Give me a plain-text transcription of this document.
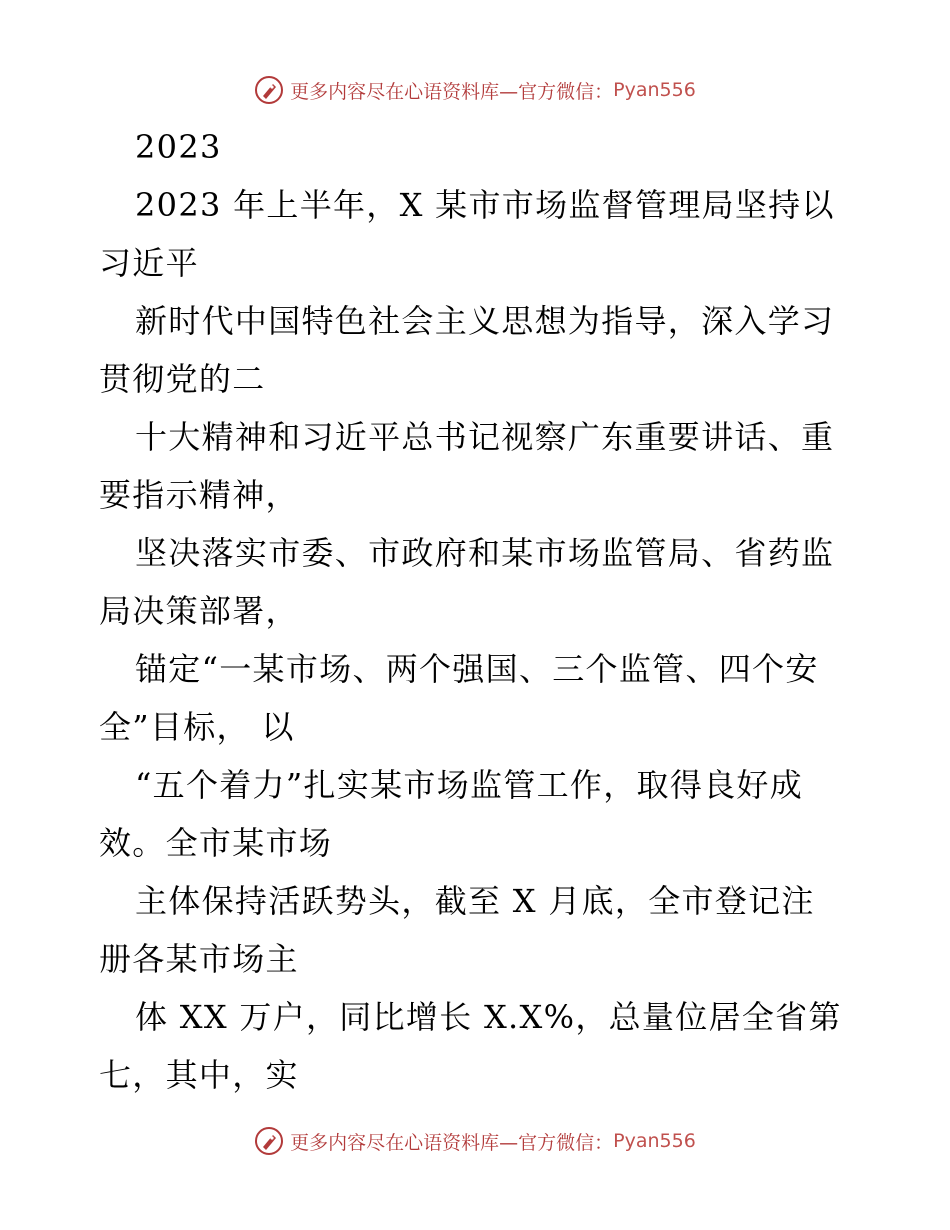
更多内容尽在心语资料库—官方微信： Pyan556
2023
2023 年上半年，X 某市市场监督管理局坚持以
习近平
新时代中国特色社会主义思想为指导，深入学习
贯彻党的二
十大精神和习近平总书记视察广东重要讲话、重
要指示精神，
坚决落实市委、市政府和某市场监管局、省药监
局决策部署，
锚定“一某市场、两个强国、三个监管、四个安
全”目标， 以
“五个着力”扎实某市场监管工作，取得良好成
效。全市某市场
主体保持活跃势头，截至 X 月底，全市登记注
册各某市场主
体 XX 万户，同比增长 X.X%，总量位居全省第
七，其中，实
更多内容尽在心语资料库—官方微信： Pyan556
